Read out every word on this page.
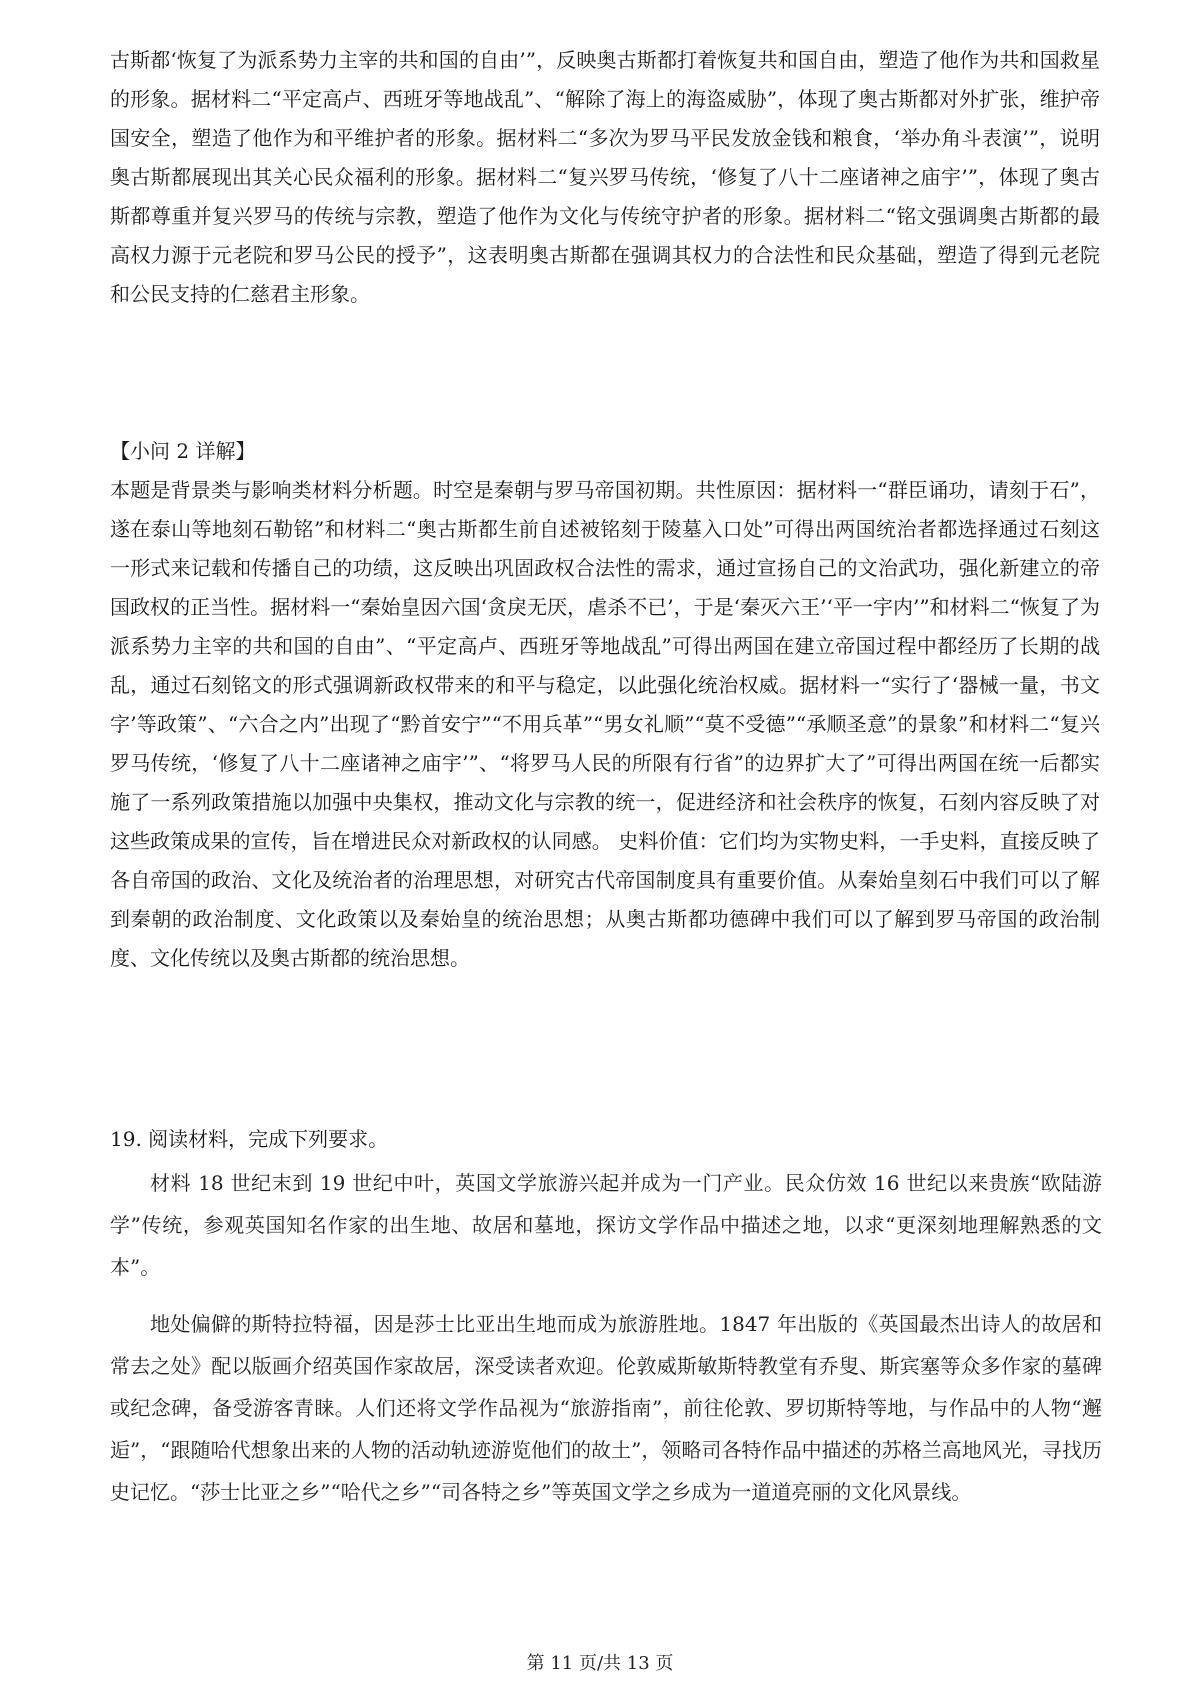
古斯都‘恢复了为派系势力主宰的共和国的自由’”，反映奥古斯都打着恢复共和国自由，塑造了他作为共和国救星的形象。据材料二“平定高卢、西班牙等地战乱”、“解除了海上的海盗威胁”，体现了奥古斯都对外扩张，维护帝国安全，塑造了他作为和平维护者的形象。据材料二“多次为罗马平民发放金钱和粮食，‘举办角斗表演’”，说明奥古斯都展现出其关心民众福利的形象。据材料二“复兴罗马传统，‘修复了八十二座诸神之庙宇’”，体现了奥古斯都尊重并复兴罗马的传统与宗教，塑造了他作为文化与传统守护者的形象。据材料二“铭文强调奥古斯都的最高权力源于元老院和罗马公民的授予”，这表明奥古斯都在强调其权力的合法性和民众基础，塑造了得到元老院和公民支持的仁慈君主形象。

【小问 2 详解】

本题是背景类与影响类材料分析题。时空是秦朝与罗马帝国初期。共性原因：据材料一“群臣诵功，请刻于石”，遂在泰山等地刻石勒铭”和材料二“奥古斯都生前自述被铭刻于陵墓入口处”可得出两国统治者都选择通过石刻这一形式来记载和传播自己的功绩，这反映出巩固政权合法性的需求，通过宣扬自己的文治武功，强化新建立的帝国政权的正当性。据材料一“秦始皇因六国‘贪戾无厌，虐杀不已’，于是‘秦灭六王’‘平一宇内’”和材料二“恢复了为派系势力主宰的共和国的自由”、“平定高卢、西班牙等地战乱”可得出两国在建立帝国过程中都经历了长期的战乱，通过石刻铭文的形式强调新政权带来的和平与稳定，以此强化统治权威。据材料一“实行了‘器械一量，书文字’等政策”、“六合之内”出现了“黔首安宁”“不用兵革”“男女礼顺”“莫不受德”“承顺圣意”的景象”和材料二“复兴罗马传统，‘修复了八十二座诸神之庙宇’”、“将罗马人民的所限有行省”的边界扩大了”可得出两国在统一后都实施了一系列政策措施以加强中央集权，推动文化与宗教的统一，促进经济和社会秩序的恢复，石刻内容反映了对这些政策成果的宣传，旨在增进民众对新政权的认同感。 史料价值：它们均为实物史料，一手史料，直接反映了各自帝国的政治、文化及统治者的治理思想，对研究古代帝国制度具有重要价值。从秦始皇刻石中我们可以了解到秦朝的政治制度、文化政策以及秦始皇的统治思想；从奥古斯都功德碑中我们可以了解到罗马帝国的政治制度、文化传统以及奥古斯都的统治思想。

19. 阅读材料，完成下列要求。

材料 18 世纪末到 19 世纪中叶，英国文学旅游兴起并成为一门产业。民众仿效 16 世纪以来贵族“欧陆游学”传统，参观英国知名作家的出生地、故居和墓地，探访文学作品中描述之地，以求“更深刻地理解熟悉的文本”。

地处偏僻的斯特拉特福，因是莎士比亚出生地而成为旅游胜地。1847 年出版的《英国最杰出诗人的故居和常去之处》配以版画介绍英国作家故居，深受读者欢迎。伦敦威斯敏斯特教堂有乔叟、斯宾塞等众多作家的墓碑或纪念碑，备受游客青睐。人们还将文学作品视为“旅游指南”，前往伦敦、罗切斯特等地，与作品中的人物“邂逅”，“跟随哈代想象出来的人物的活动轨迹游览他们的故土”，领略司各特作品中描述的苏格兰高地风光，寻找历史记忆。“莎士比亚之乡”“哈代之乡”“司各特之乡”等英国文学之乡成为一道道亮丽的文化风景线。

第 11 页/共 13 页
